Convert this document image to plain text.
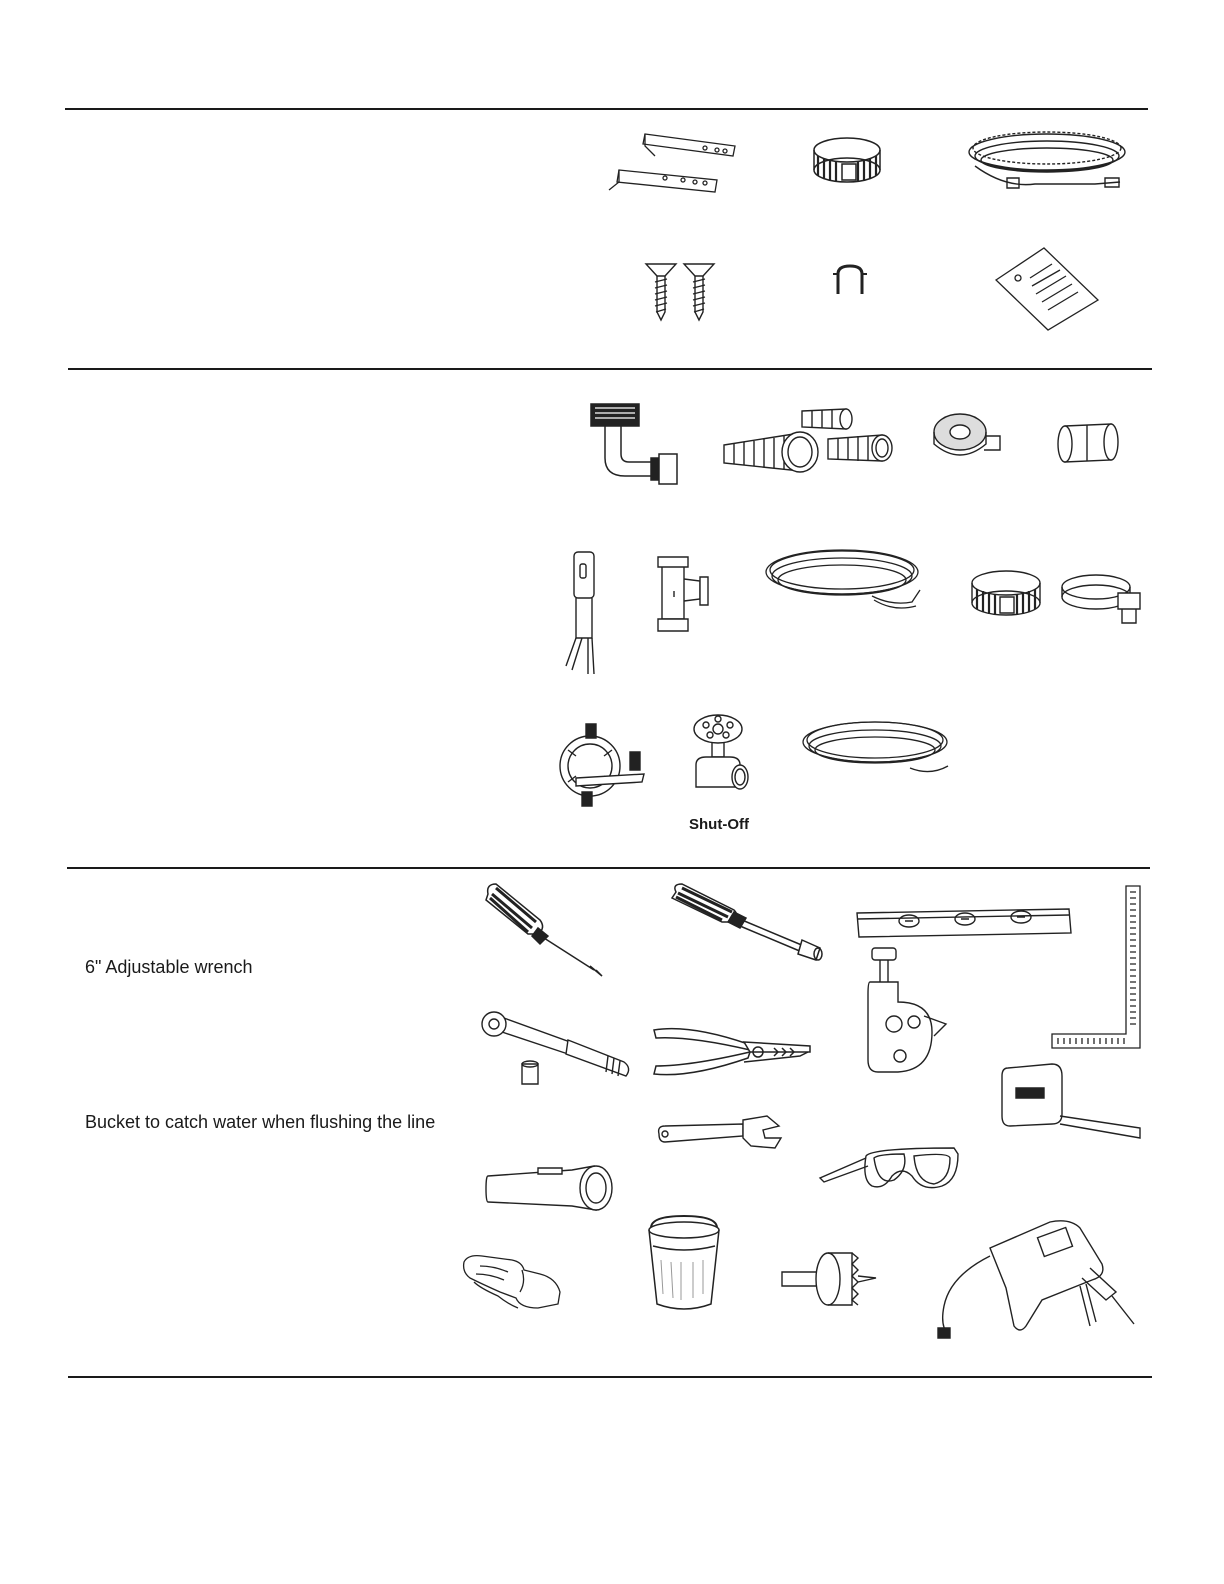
6" Adjustable wrench
Bucket to catch water when flushing the line
Shut-Off
